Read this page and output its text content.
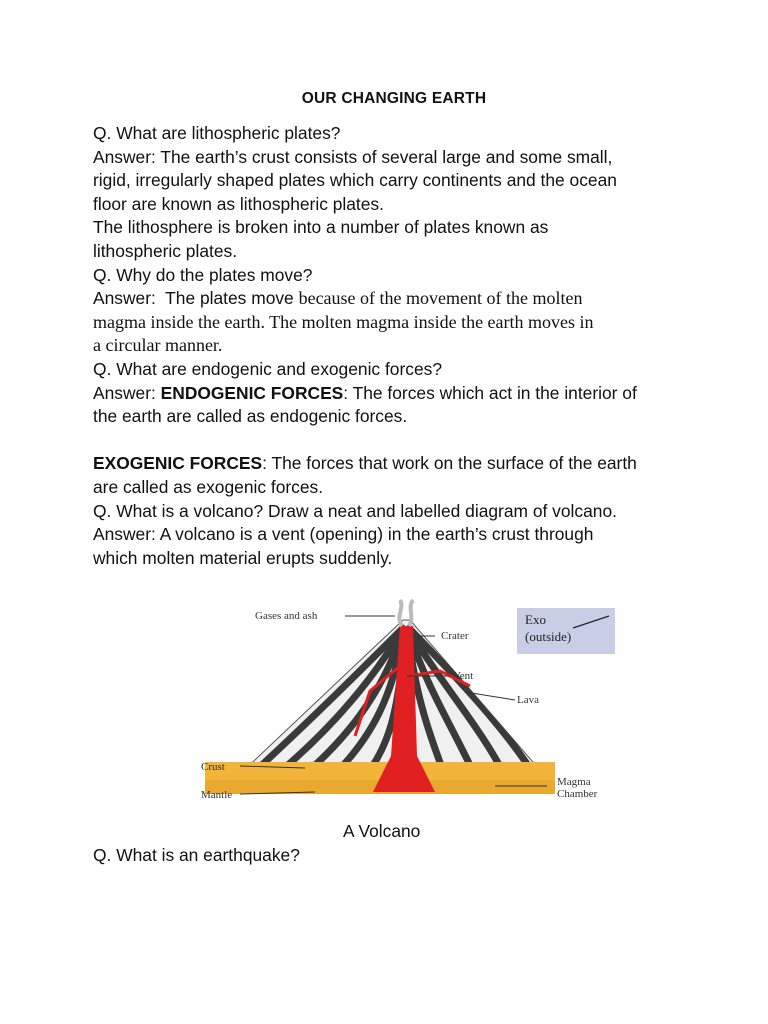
OUR CHANGING EARTH
Q. What are lithospheric plates?
Answer: The earth’s crust consists of several large and some small,
rigid, irregularly shaped plates which carry continents and the ocean
floor are known as lithospheric plates.
The lithosphere is broken into a number of plates known as
lithospheric plates.
Q. Why do the plates move?
Answer:  The plates move because of the movement of the molten
magma inside the earth. The molten magma inside the earth moves in
a circular manner.
Q. What are endogenic and exogenic forces?
Answer: ENDOGENIC FORCES: The forces which act in the interior of
the earth are called as endogenic forces.
EXOGENIC FORCES: The forces that work on the surface of the earth
are called as exogenic forces.
Q. What is a volcano? Draw a neat and labelled diagram of volcano.
Answer: A volcano is a vent (opening) in the earth’s crust through
which molten material erupts suddenly.
Gases and ash
Crater
Vent
Lava
Crust
Mantle
Magma
Chamber
Exo
(outside)
A Volcano
Q. What is an earthquake?
